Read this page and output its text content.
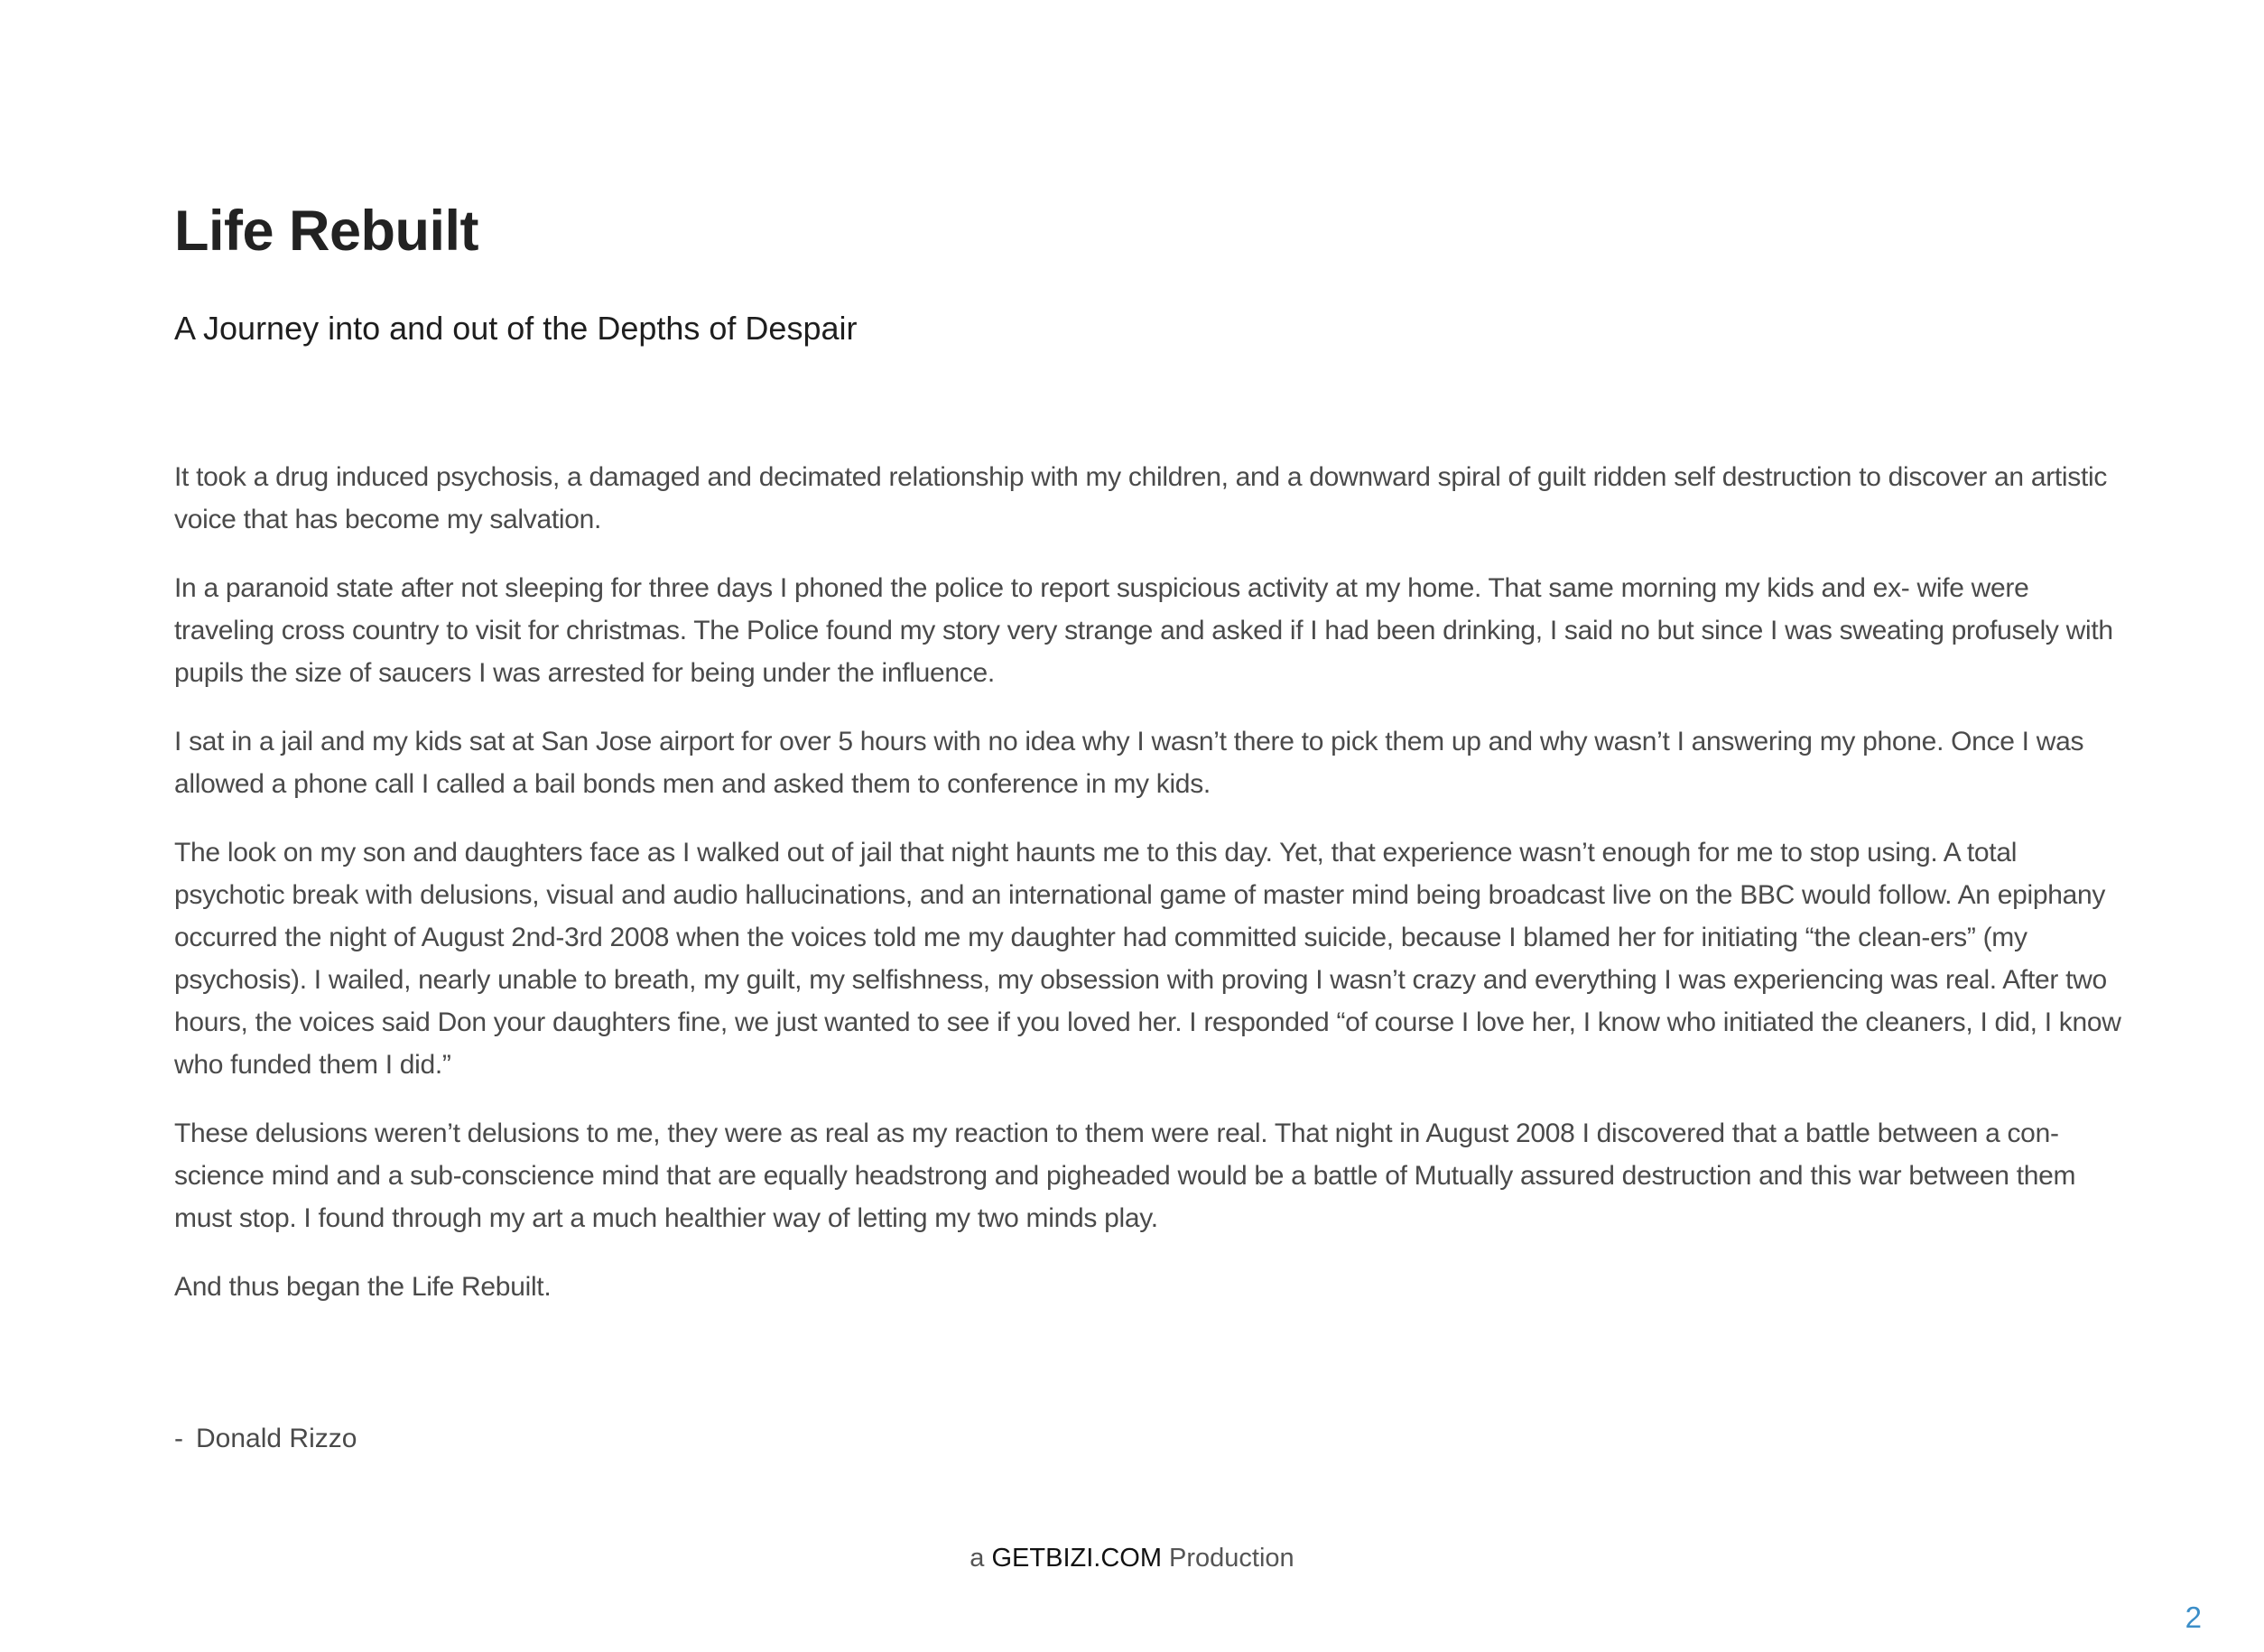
Life Rebuilt
A Journey into and out of the Depths of Despair

It took a drug induced psychosis, a damaged and decimated relationship with my children, and a downward spiral of guilt ridden self destruction to discover an artistic voice that has become my salvation.

In a paranoid state after not sleeping for three days I phoned the police to report suspicious activity at my home. That same morning my kids and ex- wife were traveling cross country to visit for christmas. The Police found my story very strange and asked if I had been drinking, I said no but since I was sweating profusely with pupils the size of saucers I was arrested for being under the influence.

I sat in a jail and my kids sat at San Jose airport for over 5 hours with no idea why I wasn’t there to pick them up and why wasn’t I answering my phone. Once I was allowed a phone call I called a bail bonds men and asked them to conference in my kids.

The look on my son and daughters face as I walked out of jail that night haunts me to this day. Yet, that experience wasn’t enough for me to stop using. A total psychotic break with delusions, visual and audio hallucinations, and an international game of master mind being broadcast live on the BBC would follow. An epiphany occurred the night of August 2nd-3rd 2008 when the voices told me my daughter had committed suicide, because I blamed her for initiating “the clean-ers” (my psychosis). I wailed, nearly unable to breath, my guilt, my selfishness, my obsession with proving I wasn’t crazy and everything I was experiencing was real. After two hours, the voices said Don your daughters fine, we just wanted to see if you loved her. I responded “of course I love her, I know who initiated the cleaners, I did, I know who funded them I did.”

These delusions weren’t delusions to me, they were as real as my reaction to them were real. That night in August 2008 I discovered that a battle between a con-science mind and a sub-conscience mind that are equally headstrong and pigheaded would be a battle of Mutually assured destruction and this war between them must stop. I found through my art a much healthier way of letting my two minds play.

And thus began the Life Rebuilt.

- Donald Rizzo

a GETBIZI.COM Production
2
